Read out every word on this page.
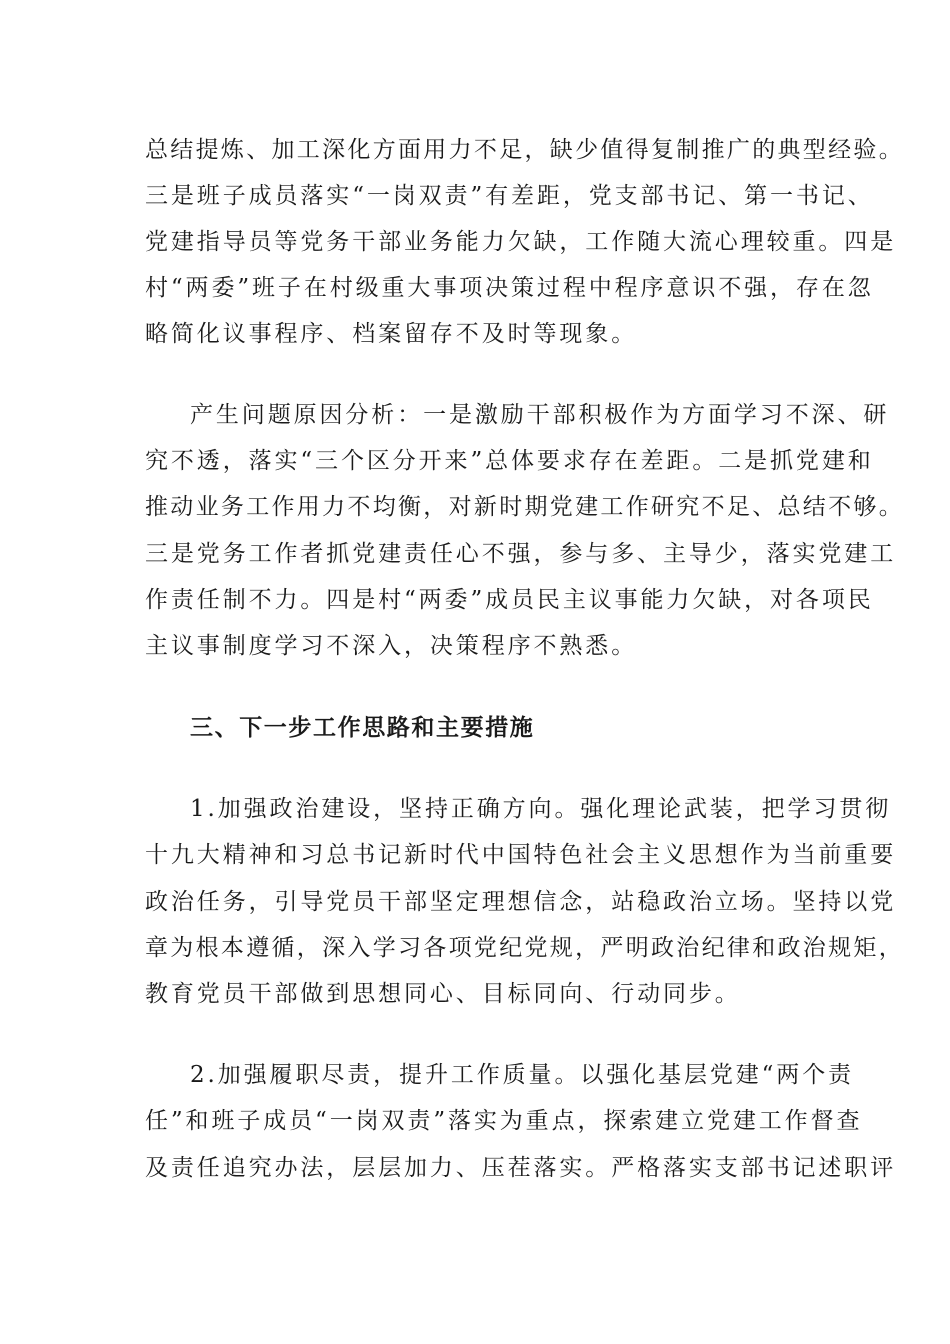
总结提炼、加工深化方面用力不足，缺少值得复制推广的典型经验。
三是班子成员落实“一岗双责”有差距，党支部书记、第一书记、
党建指导员等党务干部业务能力欠缺，工作随大流心理较重。四是
村“两委”班子在村级重大事项决策过程中程序意识不强，存在忽
略简化议事程序、档案留存不及时等现象。
产生问题原因分析：一是激励干部积极作为方面学习不深、研
究不透，落实“三个区分开来”总体要求存在差距。二是抓党建和
推动业务工作用力不均衡，对新时期党建工作研究不足、总结不够。
三是党务工作者抓党建责任心不强，参与多、主导少，落实党建工
作责任制不力。四是村“两委”成员民主议事能力欠缺，对各项民
主议事制度学习不深入，决策程序不熟悉。
三、下一步工作思路和主要措施
1.加强政治建设，坚持正确方向。强化理论武装，把学习贯彻
十九大精神和习总书记新时代中国特色社会主义思想作为当前重要
政治任务，引导党员干部坚定理想信念，站稳政治立场。坚持以党
章为根本遵循，深入学习各项党纪党规，严明政治纪律和政治规矩，
教育党员干部做到思想同心、目标同向、行动同步。
2.加强履职尽责，提升工作质量。以强化基层党建“两个责
任”和班子成员“一岗双责”落实为重点，探索建立党建工作督查
及责任追究办法，层层加力、压茬落实。严格落实支部书记述职评
